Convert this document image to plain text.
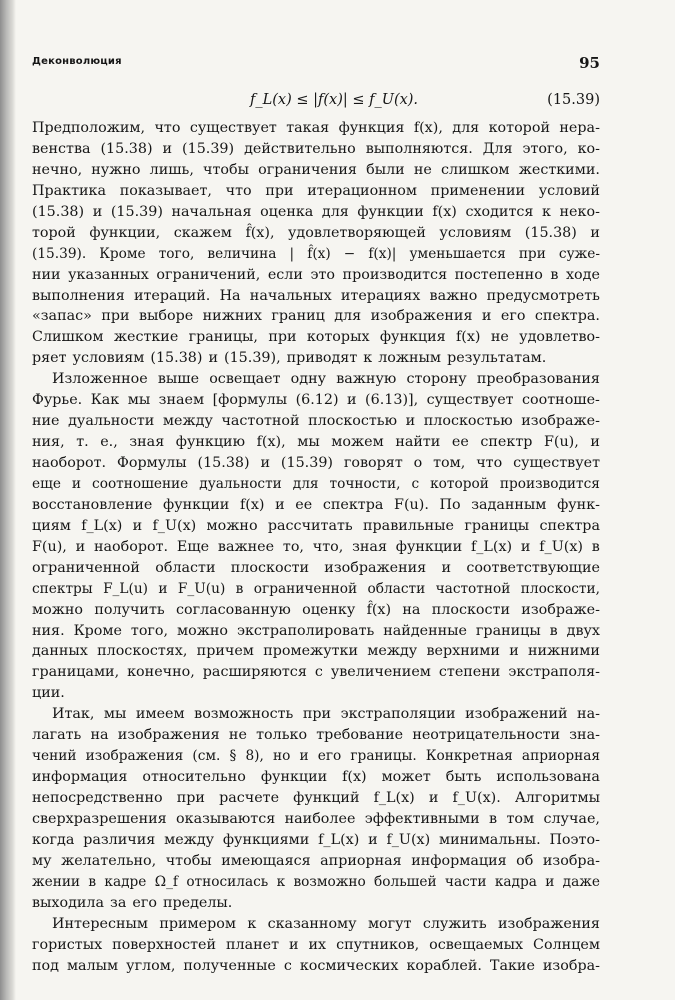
Деконволюция	95
f_L(x) ≤ |f(x)| ≤ f_U(x).	(15.39)
Предположим, что существует такая функция f(x), для которой нера-
венства (15.38) и (15.39) действительно выполняются. Для этого, ко-
нечно, нужно лишь, чтобы ограничения были не слишком жесткими.
Практика показывает, что при итерационном применении условий
(15.38) и (15.39) начальная оценка для функции f(x) сходится к неко-
торой функции, скажем f̂(x), удовлетворяющей условиям (15.38) и
(15.39). Кроме того, величина | f̂(x) − f(x)| уменьшается при сужe-
нии указанных ограничений, если это производится постепенно в ходе
выполнения итераций. На начальных итерациях важно предусмотреть
«запас» при выборе нижних границ для изображения и его спектра.
Слишком жесткие границы, при которых функция f(x) не удовлетво-
ряет условиям (15.38) и (15.39), приводят к ложным результатам.
Изложенное выше освещает одну важную сторону преобразования
Фурье. Как мы знаем [формулы (6.12) и (6.13)], существует соотноше-
ние дуальности между частотной плоскостью и плоскостью изображе-
ния, т. е., зная функцию f(x), мы можем найти ее спектр F(u), и
наоборот. Формулы (15.38) и (15.39) говорят о том, что существует
еще и соотношение дуальности для точности, с которой производится
восстановление функции f(x) и ее спектра F(u). По заданным функ-
циям f_L(x) и f_U(x) можно рассчитать правильные границы спектра
F(u), и наоборот. Еще важнее то, что, зная функции f_L(x) и f_U(x) в
ограниченной области плоскости изображения и соответствующие
спектры F_L(u) и F_U(u) в ограниченной области частотной плоскости,
можно получить согласованную оценку f̂(x) на плоскости изображе-
ния. Кроме того, можно экстраполировать найденные границы в двух
данных плоскостях, причем промежутки между верхними и нижними
границами, конечно, расширяются с увеличением степени экстраполя-
ции.
Итак, мы имеем возможность при экстраполяции изображений на-
лагать на изображения не только требование неотрицательности зна-
чений изображения (см. § 8), но и его границы. Конкретная априорная
информация относительно функции f(x) может быть использована
непосредственно при расчете функций f_L(x) и f_U(x). Алгоритмы
сверхразрешения оказываются наиболее эффективными в том случае,
когда различия между функциями f_L(x) и f_U(x) минимальны. Поэто-
му желательно, чтобы имеющаяся априорная информация об изобра-
жении в кадре Ω_f относилась к возможно большей части кадра и даже
выходила за его пределы.
Интересным примером к сказанному могут служить изображения
гористых поверхностей планет и их спутников, освещаемых Солнцем
под малым углом, полученные с космических кораблей. Такие изобра-
